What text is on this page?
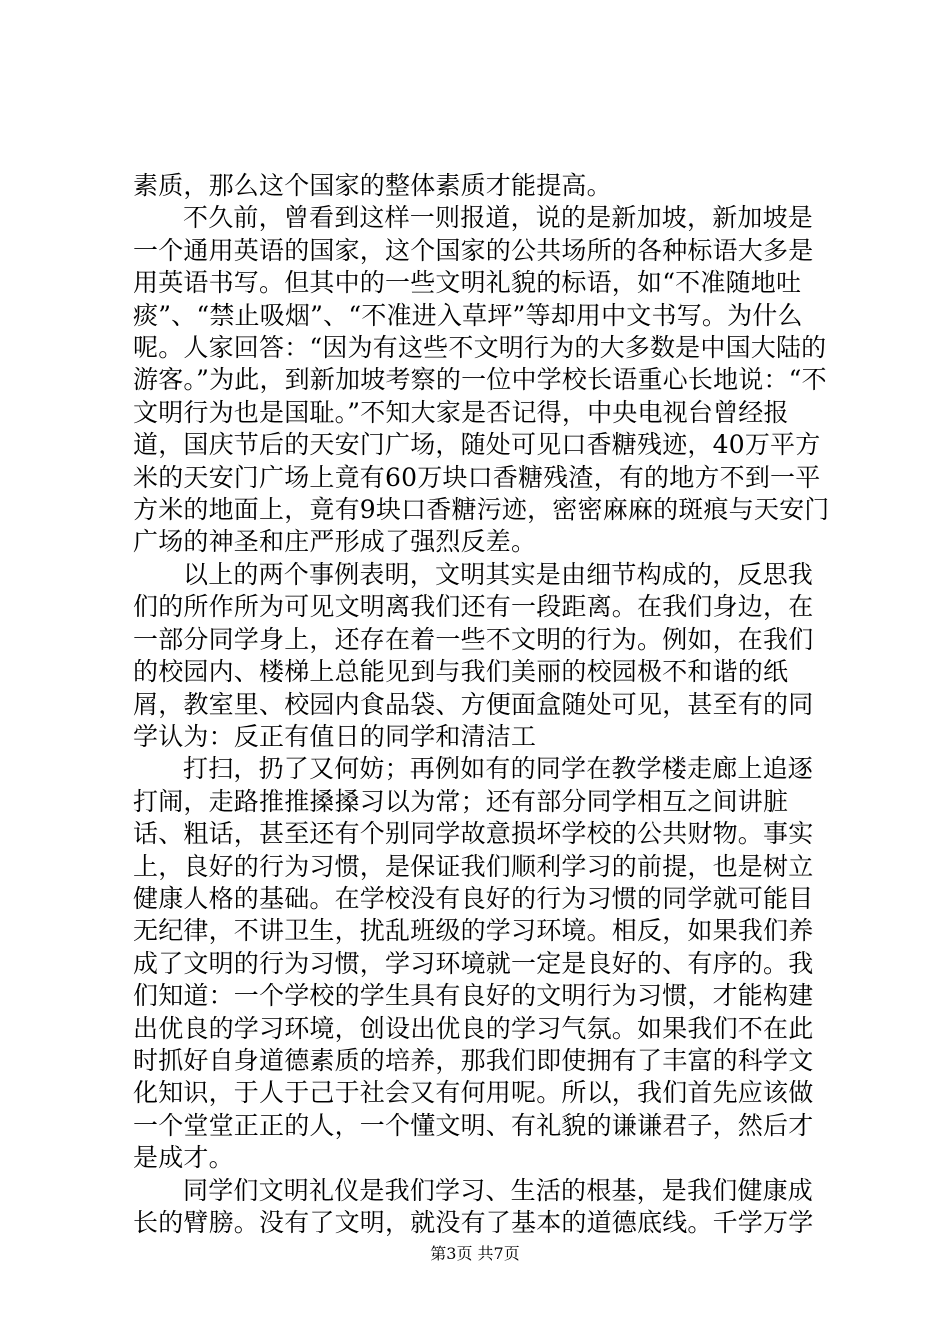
素质，那么这个国家的整体素质才能提高。

不久前，曾看到这样一则报道，说的是新加坡，新加坡是一个通用英语的国家，这个国家的公共场所的各种标语大多是用英语书写。但其中的一些文明礼貌的标语，如“不准随地吐痰”、“禁止吸烟”、“不准进入草坪”等却用中文书写。为什么呢。人家回答：“因为有这些不文明行为的大多数是中国大陆的游客。”为此，到新加坡考察的一位中学校长语重心长地说：“不文明行为也是国耻。”不知大家是否记得，中央电视台曾经报道，国庆节后的天安门广场，随处可见口香糖残迹，40万平方米的天安门广场上竟有60万块口香糖残渣，有的地方不到一平方米的地面上，竟有9块口香糖污迹，密密麻麻的斑痕与天安门广场的神圣和庄严形成了强烈反差。

以上的两个事例表明，文明其实是由细节构成的，反思我们的所作所为可见文明离我们还有一段距离。在我们身边，在一部分同学身上，还存在着一些不文明的行为。例如，在我们的校园内、楼梯上总能见到与我们美丽的校园极不和谐的纸屑，教室里、校园内食品袋、方便面盒随处可见，甚至有的同学认为：反正有值日的同学和清洁工

打扫，扔了又何妨；再例如有的同学在教学楼走廊上追逐打闹，走路推推搡搡习以为常；还有部分同学相互之间讲脏话、粗话，甚至还有个别同学故意损坏学校的公共财物。事实上，良好的行为习惯，是保证我们顺利学习的前提，也是树立健康人格的基础。在学校没有良好的行为习惯的同学就可能目无纪律，不讲卫生，扰乱班级的学习环境。相反，如果我们养成了文明的行为习惯，学习环境就一定是良好的、有序的。我们知道：一个学校的学生具有良好的文明行为习惯，才能构建出优良的学习环境，创设出优良的学习气氛。如果我们不在此时抓好自身道德素质的培养，那我们即使拥有了丰富的科学文化知识，于人于己于社会又有何用呢。所以，我们首先应该做一个堂堂正正的人，一个懂文明、有礼貌的谦谦君子，然后才是成才。

同学们文明礼仪是我们学习、生活的根基，是我们健康成长的臂膀。没有了文明，就没有了基本的道德底线。千学万学

第3页 共7页
